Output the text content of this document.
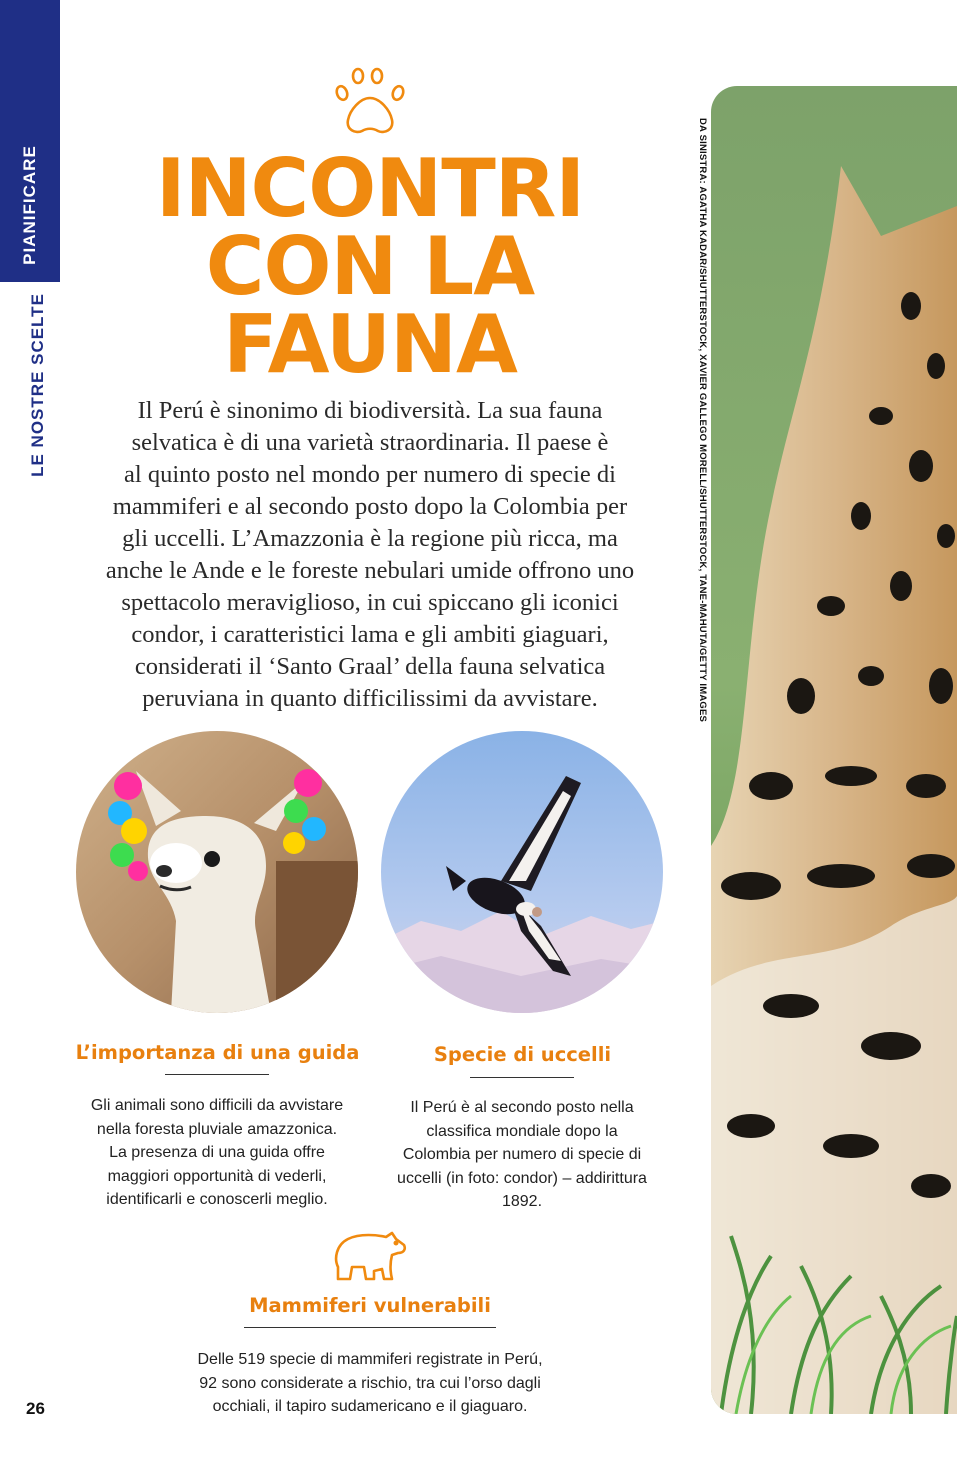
PIANIFICARE
LE NOSTRE SCELTE
INCONTRI
CON LA
FAUNA
Il Perú è sinonimo di biodiversità. La sua fauna
selvatica è di una varietà straordinaria. Il paese è
al quinto posto nel mondo per numero di specie di
mammiferi e al secondo posto dopo la Colombia per
gli uccelli. L’Amazzonia è la regione più ricca, ma
anche le Ande e le foreste nebulari umide offrono uno
spettacolo meraviglioso, in cui spiccano gli iconici
condor, i caratteristici lama e gli ambiti giaguari,
considerati il ‘Santo Graal’ della fauna selvatica
peruviana in quanto difficilissimi da avvistare.
L’importanza di una guida
Gli animali sono difficili da avvistare
nella foresta pluviale amazzonica.
La presenza di una guida offre
maggiori opportunità di vederli,
identificarli e conoscerli meglio.
Specie di uccelli
Il Perú è al secondo posto nella
classifica mondiale dopo la
Colombia per numero di specie di
uccelli (in foto: condor) – addirittura
1892.
Mammiferi vulnerabili
Delle 519 specie di mammiferi registrate in Perú,
92 sono considerate a rischio, tra cui l’orso dagli
occhiali, il tapiro sudamericano e il giaguaro.
DA SINISTRA: AGATHA KADAR/SHUTTERSTOCK, XAVIER GALLEGO MORELL/SHUTTERSTOCK, TANE-MAHUTA/GETTY IMAGES
26
